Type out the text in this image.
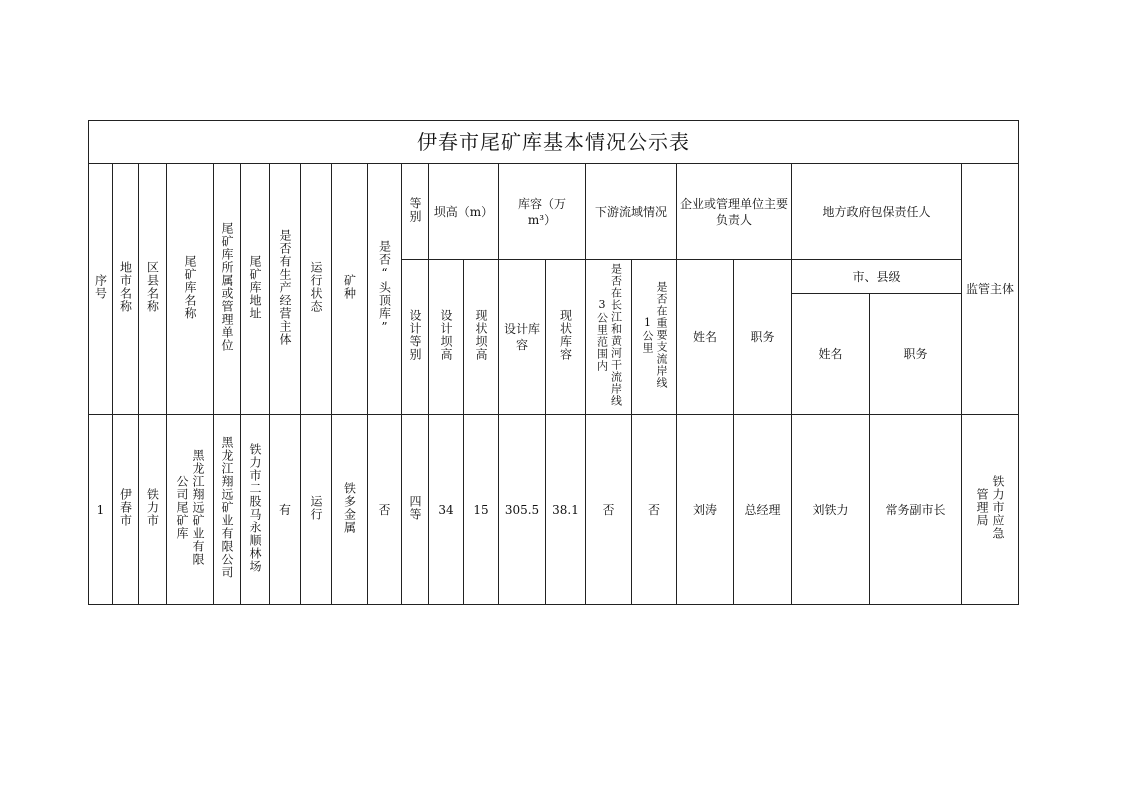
伊春市尾矿库基本情况公示表																					
序号	地市名称	区县名称	尾矿库名称	尾矿库所属或管理单位	尾矿库地址	是否有生产经营主体	运行状态	矿种	是否“头顶库”	等别	坝高（m）		库容（万
m³）		下游流域情况		企业或管理单位主要负责人		地方政府包保责任人		监管主体
										设计等别	设计坝高	现状坝高	设计库容	现状库容	是否在长江和黄河干流岸线3公里范围内	是否在重要支流岸线1公里	姓名	职务	市、县级		
																			姓名	职务	
1	伊春市	铁力市	黑龙江翔远矿业有限公司尾矿库	黑龙江翔远矿业有限公司	铁力市二股马永顺林场	有	运行	铁多金属	否	四等	34	15	305.5	38.1	否	否	刘涛	总经理	刘铁力	常务副市长	铁力市应急管理局
